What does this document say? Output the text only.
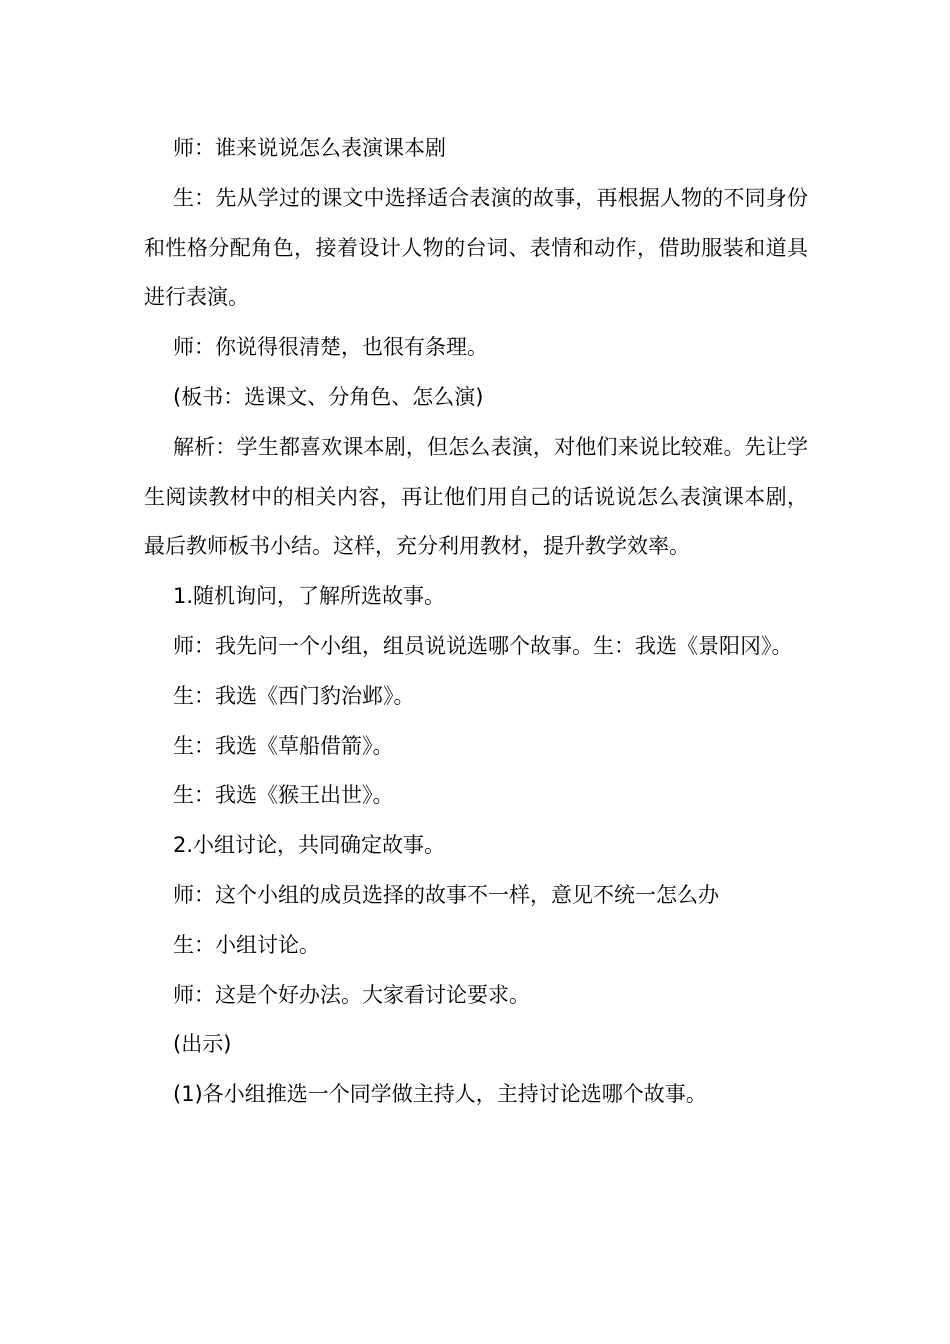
师：谁来说说怎么表演课本剧

生：先从学过的课文中选择适合表演的故事，再根据人物的不同身份和性格分配角色，接着设计人物的台词、表情和动作，借助服装和道具进行表演。

师：你说得很清楚，也很有条理。

(板书：选课文、分角色、怎么演)

解析：学生都喜欢课本剧，但怎么表演，对他们来说比较难。先让学生阅读教材中的相关内容，再让他们用自己的话说说怎么表演课本剧，最后教师板书小结。这样，充分利用教材，提升教学效率。

1.随机询问，了解所选故事。

师：我先问一个小组，组员说说选哪个故事。生：我选《景阳冈》。

生：我选《西门豹治邺》。

生：我选《草船借箭》。

生：我选《猴王出世》。

2.小组讨论，共同确定故事。

师：这个小组的成员选择的故事不一样，意见不统一怎么办

生：小组讨论。

师：这是个好办法。大家看讨论要求。

(出示)

(1)各小组推选一个同学做主持人，主持讨论选哪个故事。
